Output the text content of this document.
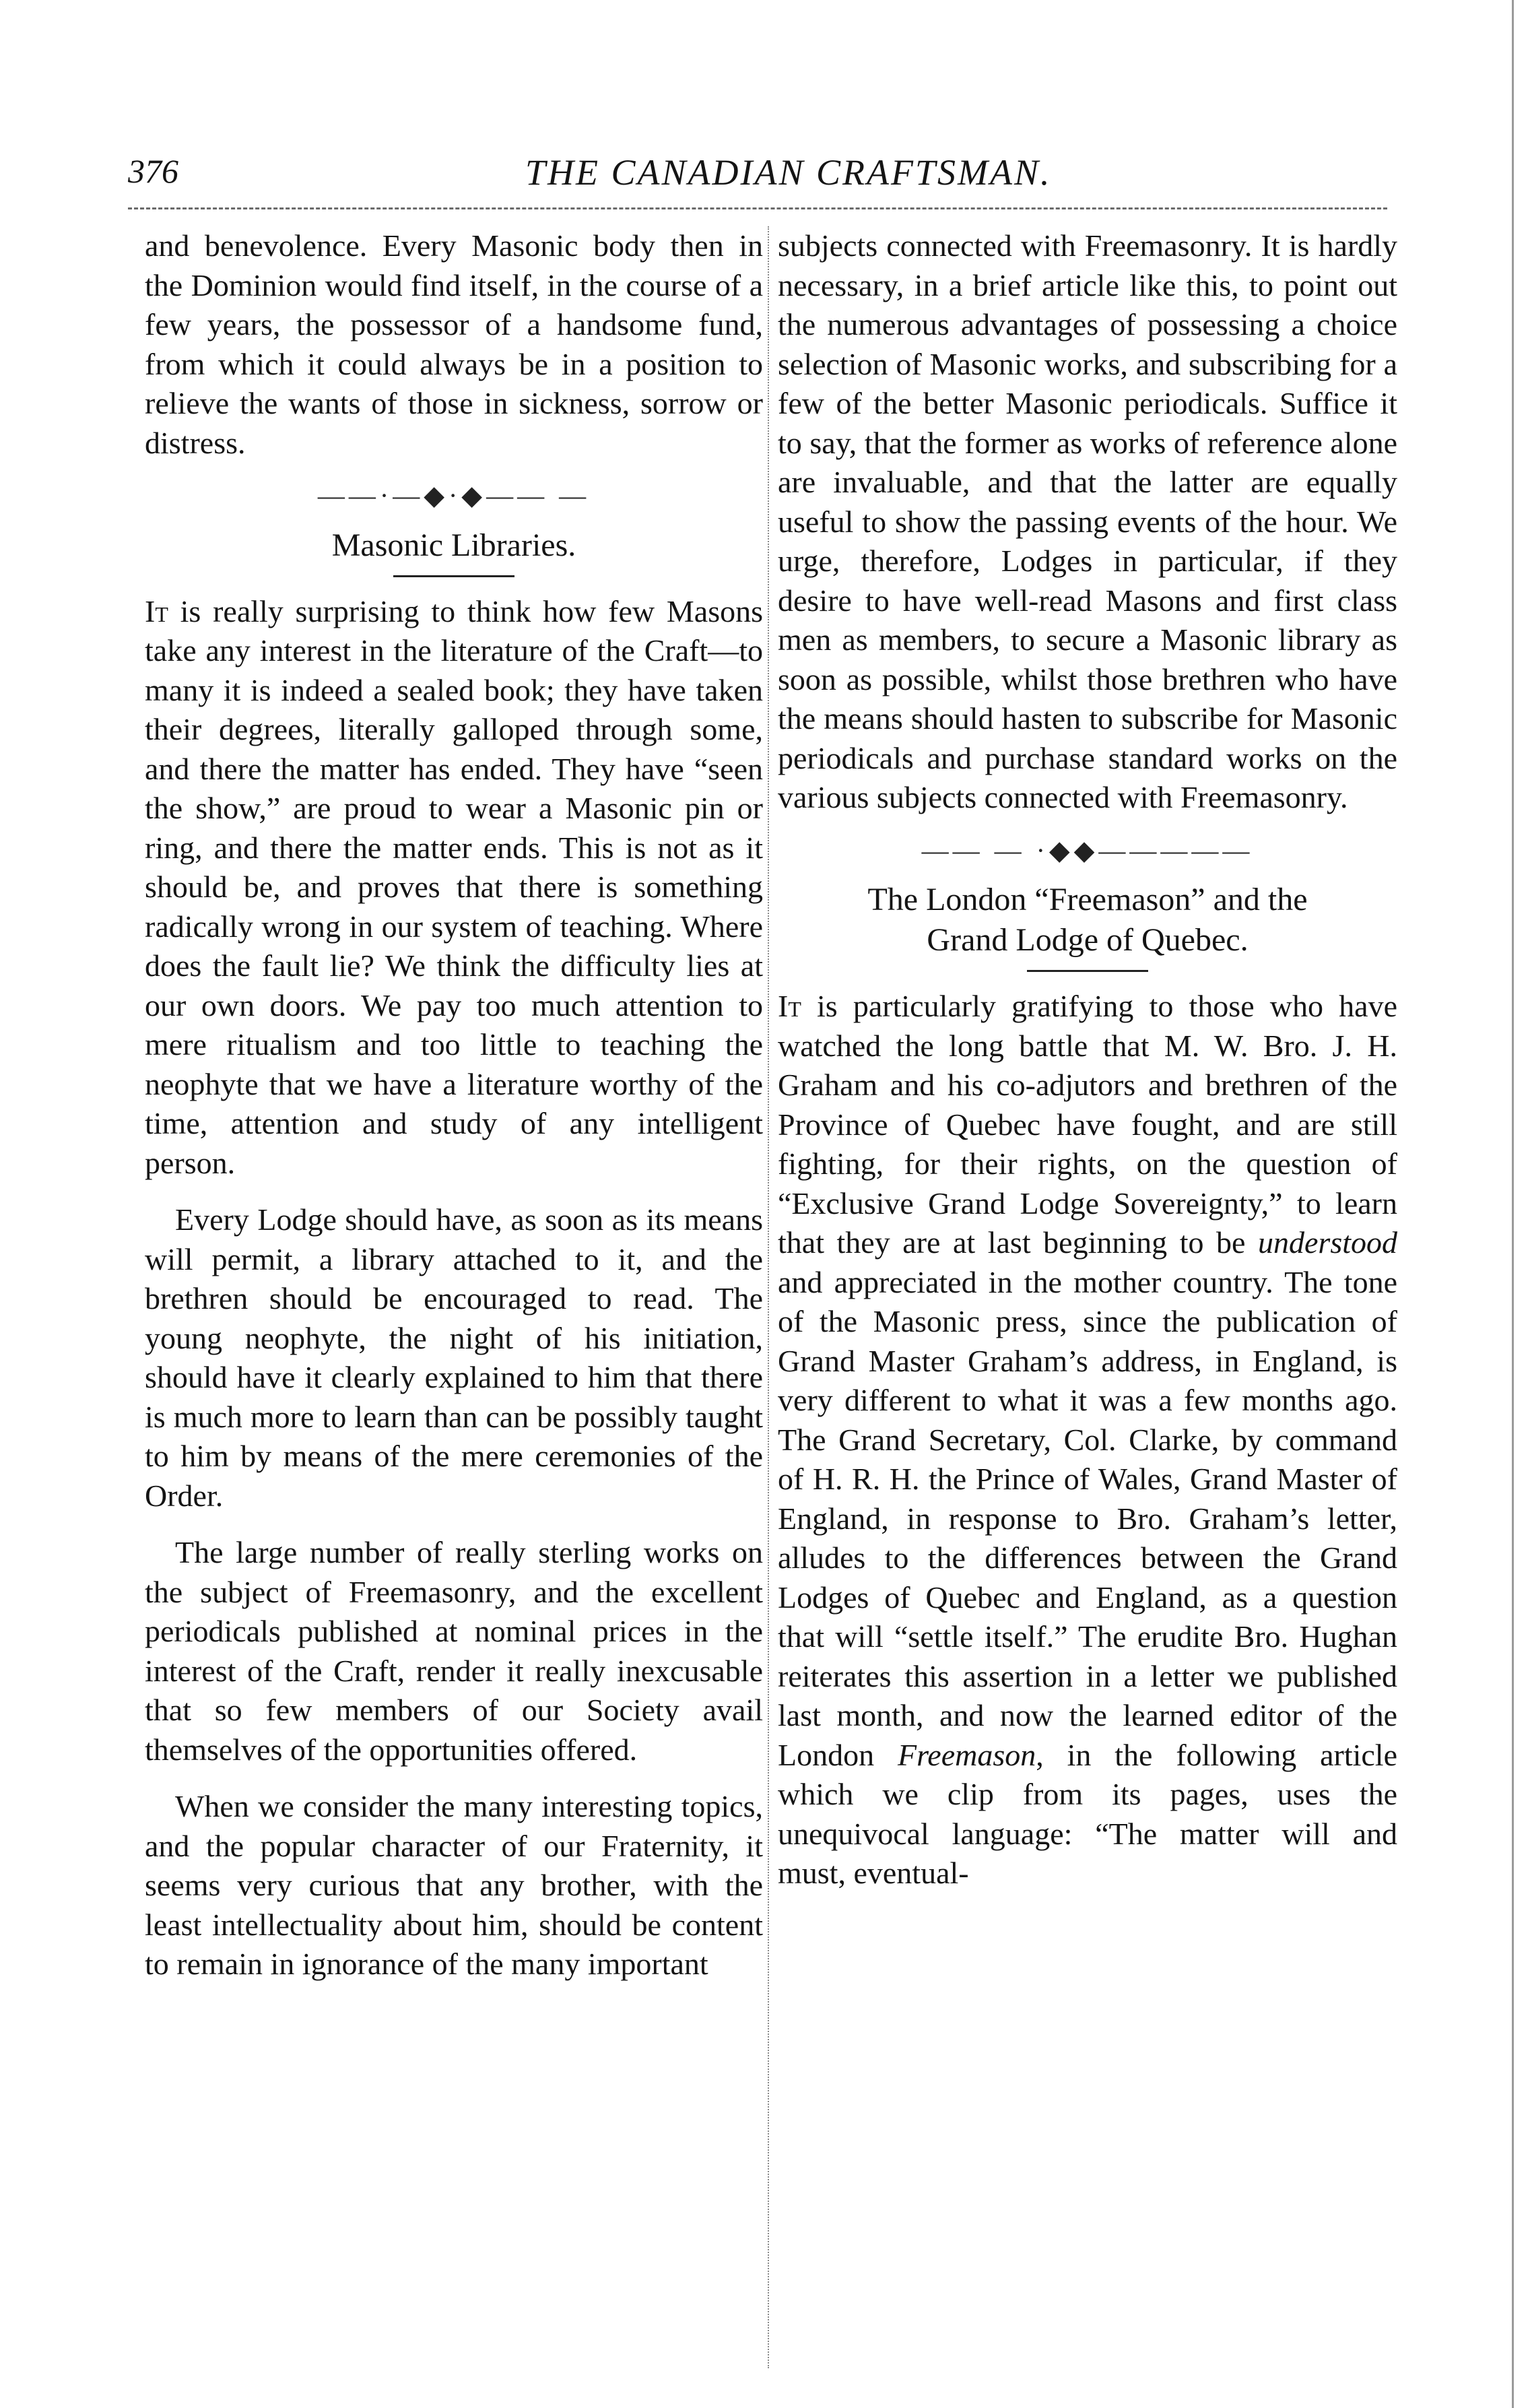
376	THE CANADIAN CRAFTSMAN.

and benevolence. Every Masonic body then in the Dominion would find itself, in the course of a few years, the possessor of a handsome fund, from which it could always be in a position to relieve the wants of those in sickness, sorrow or distress.

——·—◆·◆—— —
Masonic Libraries.

It is really surprising to think how few Masons take any interest in the literature of the Craft—to many it is indeed a sealed book; they have taken their degrees, literally galloped through some, and there the matter has ended. They have “seen the show,” are proud to wear a Masonic pin or ring, and there the matter ends. This is not as it should be, and proves that there is something radically wrong in our system of teaching. Where does the fault lie? We think the difficulty lies at our own doors. We pay too much attention to mere ritualism and too little to teaching the neophyte that we have a literature worthy of the time, attention and study of any intelligent person.

Every Lodge should have, as soon as its means will permit, a library attached to it, and the brethren should be encouraged to read. The young neophyte, the night of his initiation, should have it clearly explained to him that there is much more to learn than can be possibly taught to him by means of the mere ceremonies of the Order.

The large number of really sterling works on the subject of Freemasonry, and the excellent periodicals published at nominal prices in the interest of the Craft, render it really inexcusable that so few members of our Society avail themselves of the opportunities offered.

When we consider the many interesting topics, and the popular character of our Fraternity, it seems very curious that any brother, with the least intellectuality about him, should be content to remain in ignorance of the many important

subjects connected with Freemasonry. It is hardly necessary, in a brief article like this, to point out the numerous advantages of possessing a choice selection of Masonic works, and subscribing for a few of the better Masonic periodicals. Suffice it to say, that the former as works of reference alone are invaluable, and that the latter are equally useful to show the passing events of the hour. We urge, therefore, Lodges in particular, if they desire to have well-read Masons and first class men as members, to secure a Masonic library as soon as possible, whilst those brethren who have the means should hasten to subscribe for Masonic periodicals and purchase standard works on the various subjects connected with Freemasonry.

—— — ·◆◆—————
The London “Freemason” and the
Grand Lodge of Quebec.

It is particularly gratifying to those who have watched the long battle that M. W. Bro. J. H. Graham and his co-adjutors and brethren of the Province of Quebec have fought, and are still fighting, for their rights, on the question of “Exclusive Grand Lodge Sovereignty,” to learn that they are at last beginning to be understood and appreciated in the mother country. The tone of the Masonic press, since the publication of Grand Master Graham’s address, in England, is very different to what it was a few months ago. The Grand Secretary, Col. Clarke, by command of H. R. H. the Prince of Wales, Grand Master of England, in response to Bro. Graham’s letter, alludes to the differences between the Grand Lodges of Quebec and England, as a question that will “settle itself.” The erudite Bro. Hughan reiterates this assertion in a letter we published last month, and now the learned editor of the London Freemason, in the following article which we clip from its pages, uses the unequivocal language: “The matter will and must, eventual-
